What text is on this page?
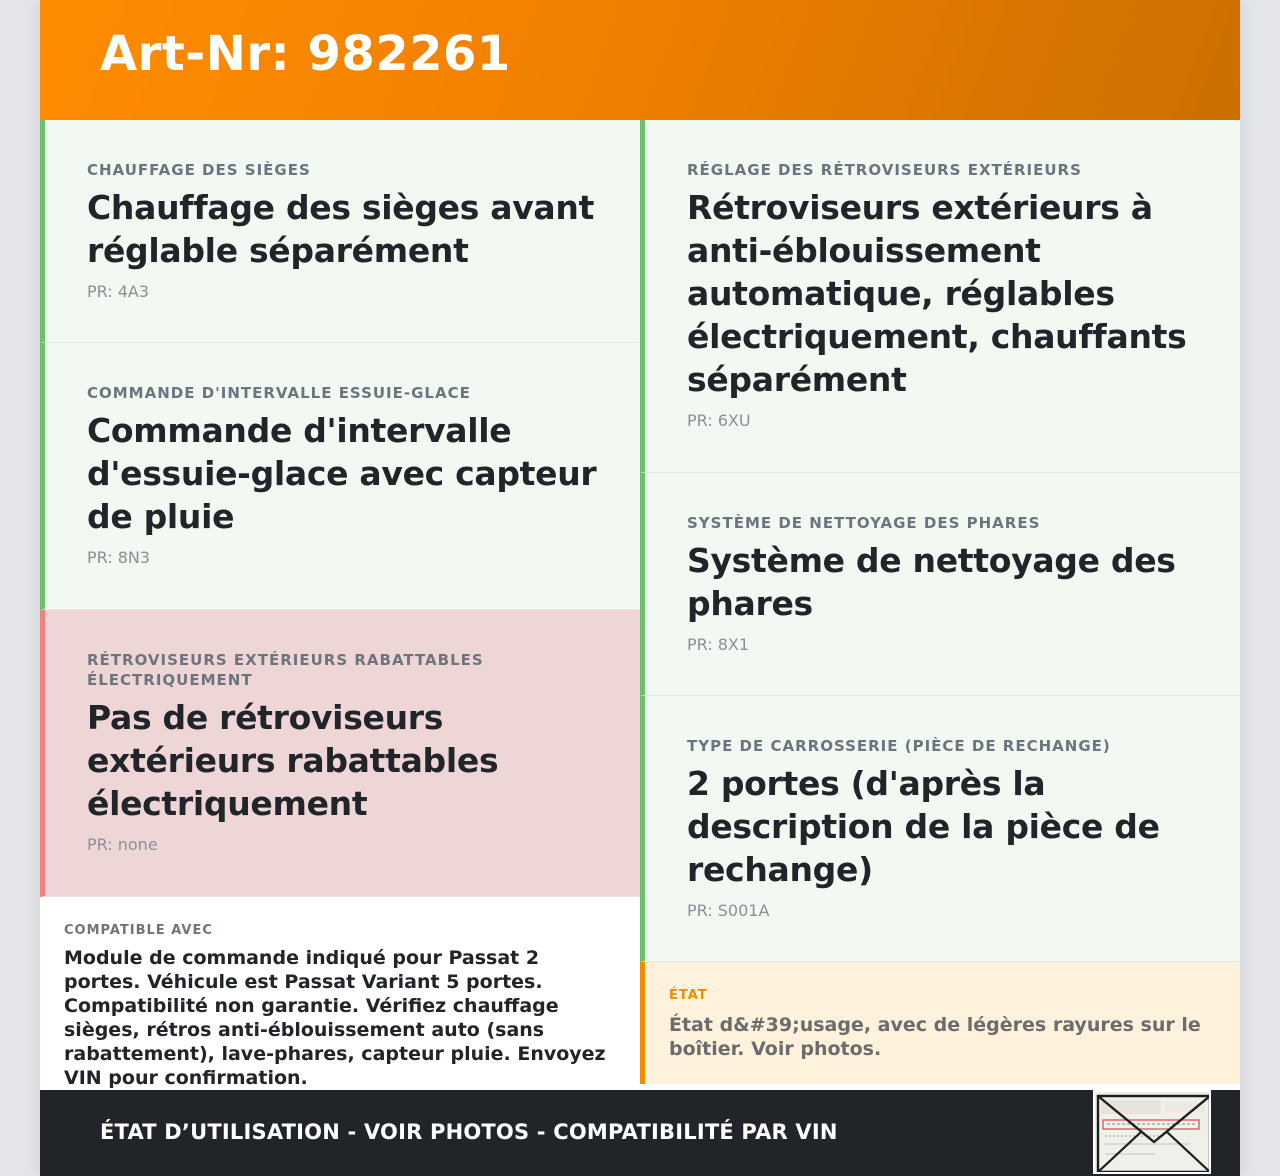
Art-Nr: 982261
CHAUFFAGE DES SIÈGES
Chauffage des sièges avant réglable séparément
PR: 4A3
COMMANDE D'INTERVALLE ESSUIE-GLACE
Commande d'intervalle d'essuie-glace avec capteur de pluie
PR: 8N3
RÉTROVISEURS EXTÉRIEURS RABATTABLES ÉLECTRIQUEMENT
Pas de rétroviseurs extérieurs rabattables électriquement
PR: none
COMPATIBLE AVEC
Module de commande indiqué pour Passat 2 portes. Véhicule est Passat Variant 5 portes. Compatibilité non garantie. Vérifiez chauffage sièges, rétros anti-éblouissement auto (sans rabattement), lave-phares, capteur pluie. Envoyez VIN pour confirmation.
RÉGLAGE DES RÉTROVISEURS EXTÉRIEURS
Rétroviseurs extérieurs à anti-éblouissement automatique, réglables électriquement, chauffants séparément
PR: 6XU
SYSTÈME DE NETTOYAGE DES PHARES
Système de nettoyage des phares
PR: 8X1
TYPE DE CARROSSERIE (PIÈCE DE RECHANGE)
2 portes (d'après la description de la pièce de rechange)
PR: S001A
ÉTAT
État d&#39;usage, avec de légères rayures sur le boîtier. Voir photos.
ÉTAT D’UTILISATION - VOIR PHOTOS - COMPATIBILITÉ PAR VIN
